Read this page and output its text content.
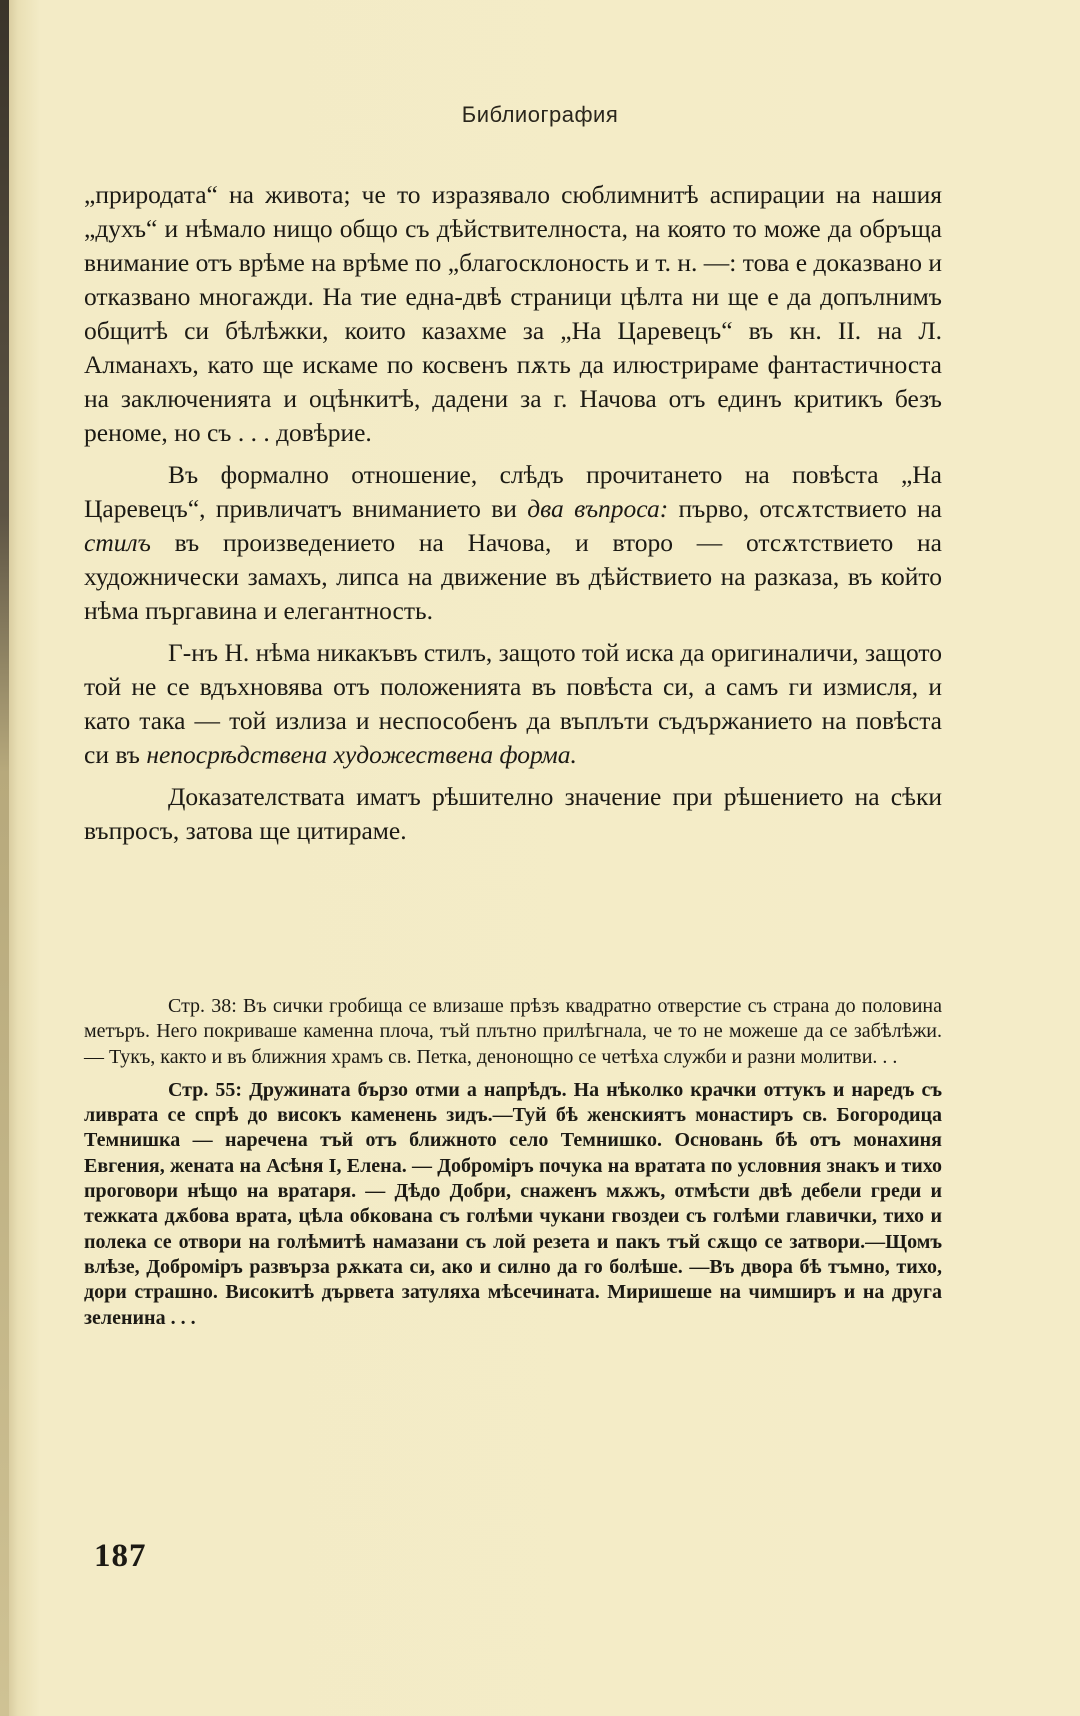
Библиография

„природата“ на живота; че то изразявало сюблимнитѣ аспирации на нашия „духъ“ и нѣмало нищо общо съ дѣйствителноста, на която то може да обръща внимание отъ врѣме на врѣме по „благосклоность и т. н. —: това е доказвано и отказвано многажди. На тие една-двѣ страници цѣлта ни ще е да допълнимъ общитѣ си бѣлѣжки, които казахме за „На Царевецъ“ въ кн. II. на Л. Алманахъ, като ще искаме по косвенъ пѫть да илюстрираме фантастичноста на заключенията и оцѣнкитѣ, дадени за г. Начова отъ единъ критикъ безъ реноме, но съ . . . довѣрие.

Въ формално отношение, слѣдъ прочитането на повѣста „На Царевецъ“, привличатъ вниманието ви два въпроса: първо, отсѫтствието на стилъ въ произведението на Начова, и второ — отсѫтствието на художнически замахъ, липса на движение въ дѣйствието на разказа, въ който нѣма пъргавина и елегантность.

Г-нъ Н. нѣма никакъвъ стилъ, защото той иска да оригиналичи, защото той не се вдъхновява отъ положенията въ повѣста си, а самъ ги измисля, и като така — той излиза и неспособенъ да въплъти съдържанието на повѣста си въ непосрѣдствена художествена форма.

Доказателствата иматъ рѣшително значение при рѣшението на сѣки въпросъ, затова ще цитираме.

Стр. 38: Въ сички гробища се влизаше прѣзъ квадратно отверстие съ страна до половина метъръ. Него покриваше каменна плоча, тъй плътно прилѣгнала, че то не можеше да се забѣлѣжи. — Тукъ, както и въ ближния храмъ св. Петка, денонощно се четѣха служби и разни молитви. . .

Стр. 55: Дружината бързо отми а напрѣдъ. На нѣколко крачки оттукъ и наредъ съ ливрата се спрѣ до високъ каменень зидъ.—Туй бѣ женскиятъ монастиръ св. Богородица Темнишка — наречена тъй отъ ближното село Темнишко. Основань бѣ отъ монахиня Евгения, жената на Асѣня I, Елена. — Доброміръ почука на вратата по условния знакъ и тихо проговори нѣщо на вратаря. — Дѣдо Добри, снаженъ мѫжъ, отмѣсти двѣ дебели греди и тежката дѫбова врата, цѣла обкована съ голѣми чукани гвоздеи съ голѣми главички, тихо и полека се отвори на голѣмитѣ намазани съ лой резета и пакъ тъй сѫщо се затвори.—Щомъ влѣзе, Доброміръ развърза рѫката си, ако и силно да го болѣше. —Въ двора бѣ тъмно, тихо, дори страшно. Високитѣ дървета затуляха мѣсечината. Миришеше на чимширъ и на друга зеленина . . .

187
